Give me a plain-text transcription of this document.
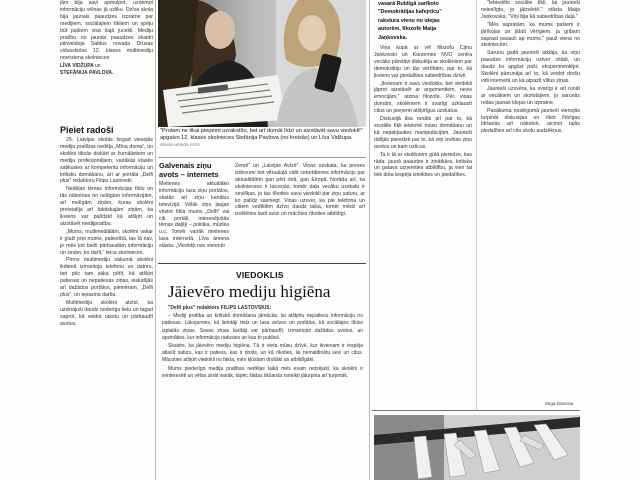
jām bija savi apmulpot, uzņemot informāciju vēlnas jā uzliku. Dzīva skola bija jaunais paaudzes izpratne par medijiem, sociālajiem tīkliem un spēju būt pašiem visā šajā jucekli. Mediju pratību no jaunās paaudzes skaidri pilnveidoja Saldus novada Druvas vidusskolas 12. klases multimediju novirziena skolnieces

LĪVA VIDŽUPA un
STEFĀNIJA PAVLOVA.

Pieiet radoši

25. Latvijas skolās šogad viesojās mediju pratības nedēļa „Mīna doma”, un skolēni tiksās divkārt ar žurnālistiem un mediju profesionāļiem, vairākās klasēs satikusies ar kompetentu informāciju un kritisku domāšanu, arī ar portāla „Delfi plus” redaktoru Filipu Lastovski.

Nedēļas tēmas informācijas tīklu un tās nākotnes no nelāgām informācijām, arī melīgām ziņām, kuras skolēni pretstatīja arī taktiskajām ziņām, ka ikviens var palīdzēt kā atšķirt un aizstāvēt medijpratību.

„Mums, multimediālām, skolēni vakar ir gluži pret mums, patiesībā, tas tā nav, jo mēs ļoti bieži pārbaudām informāciju un zinām, ko darīt,” teica skolnieces.

Pirmo multimediju sākumā skolēni ikdienā izmantoja telefonu un datoru, bet pēc tam sāka pētīt, kā atšķirt patiesas un nepatiesas ziņas, ieskatījās arī dažādos portālos, piemēram, „Delfi plus”, un iepazina darbu.

Multimediju skolēni atzīst, ka uzzinājuši daudz noderīgu lietu un tagad saprot, kā veidot rakstu un pārbaudīt avotus.

"Protam ne tikai pieņemt uzrakstīto, bet arī domāt līdzi un aizstāvēt savu viedokli!" apgalvo 12. klases skolnieces Stefānija Pavlova (no kreisās) un Līva Vidžupa. DENISS MERKEL FOTO
Galvenais ziņu avots – internets

Meitenes aktuālāko informāciju lasa ziņu portālos, skatās arī ziņu kanālus televīzijā. Vēlāk ziņu ļaujas vēstot tīkla mums „Delfi” vai citi portāli, interesējošās tēmas daļēji – politika, mūzika u.c. Tomēr vairāk meitenes lasa internetā. Līva āmena stāsta: „Viedokļi nav vienmēr

Zemē” un „Latvijas Avīzē”. Viņas uzskata, ka preses izdevumi bet vitrualajā vidē ceturtdienes informāciju par aktualitātēm gan pēd otrā, gan Eiropā. Norāda arī, ka skolniecess ir laiceņās, tomēr daļu vecāku uzskatu ir sevišķas, jo tas tīkoties savu viedokli par ziņu saturu, ar ko palīdz sasniegt. Viņas uzsver, ka pie telefona un citiem vedīklēm dzīvo daudz laika, tomēr mēdz arī izvēlēties lasīt avīzi un mācīties rīkoties atbildīgi.

VIEDOKLIS
Jāievēro mediju higiēna

"Delfi plus" redaktors FILIPS LASTOVSKIS:

– Mediji pratība un kritiskā domāšana jāmācās, lai atšķirtu nepatiesu informāciju no patiesas. Lūkojamies, kā lietotāji redz un lasa avīzes un portālus, kā sociālajos tīklos izplatās ziņas. Savas ziņas lasītāji var pārbaudīt, izmantojot dažādus avotus, un apzināties, kur informācija radusies un kas to publicē.

Skaidrs, ka jāievēro mediju higiēna. Tā ir vieta mūsu dzīvē, kur ikvienam ir iespēja atlasīt saturu, kas ir patiess, kas ir drošs, un kā rīkoties, lai nemaldinātu sevi un citus. Mācoties atšķirt viedokli no fakta, mēs kļūstam drošāki un atbildīgāki.

Mums piederīgo mediju pratības nedēļas laikā mēs esam redzējuši, ka skolēni ir ieinteresēti un vēlas zināt vairāk, tāpēc šādas tikšanās noteikti jāturpina arī turpmāk.

vasarā Ruldigā sarīkoto
"Demokrātijas kafejnīcu"
rakstura vienu no idejas
autorēm, filozofe Maija
Jaņkovska.

Viņa kopā ar vēl filozofu Cjīnu Jankovski un Kurzemes NVO centra vecāko pārstāvi diskutēja ar skolēniem par demokrātiju un tās vērtībām, par to, kā ikviens var piedalīties sabiedrības dzīvē.

„Ikvienam ir savs viedoklis, bet viedokli jāprot aizstāvēt ar argumentiem, nevis emocijām,” atzina filozofe. Pēc viņas domām, skolēniem ir svarīgi uzklausīt citus un pieņemt atšķirīgus uzskatus.

Diskusijā tika runāts arī par to, kā sociālie tīkli ietekmē mūsu domāšanu un kā nepakļauties manipulācijām. Jaunieši dalījās pieredzē par to, kā viņi izvēlas ziņu avotus un kam uzticas.

Ta ir tā ar skolēniem gūtā pieredze, kas rāda: jaunā paaudze ir zinātkāra, kritiska un gatava uzņemties atbildību, ja vien tai tiek dota iespēja izteikties un piedalīties.

"Iebiedēts sociālie tīkli, lai jaunieši neieslīgtu, jo jāizvērtē," stāsta Maija Jaņkovska, "Viņi bija kā sabiedrības daļa."

"Mēs sapratām, ka mums pašiem ir jārīkojas un jābūt vērīgiem, ja gribam saprast pasauli ap mums," pauž viena no skolniecēm.

Sarunu gaitā jaunieši atklāja, ka viņu paaudze informāciju uztver citādi, un daudz ko apgūst paši, eksperimentējot. Skolēni pārrunāja arī to, kā veidot drošu vidi internetā un kā atpazīt viltus ziņas.

Jaunieši uzsvēra, ka svarīgi ir arī runāt ar vecākiem un skolotājiem, jo sarunās rodas jaunas idejas un izpratne.

Pasākuma noslēgumā jaunieši vienojās turpināt diskusijas un rīkot līdzīgas tikšanās arī nākotnē, aicinot tajās piedalīties arī citu skolu audzēkņus.

Zega Dāvnisa
